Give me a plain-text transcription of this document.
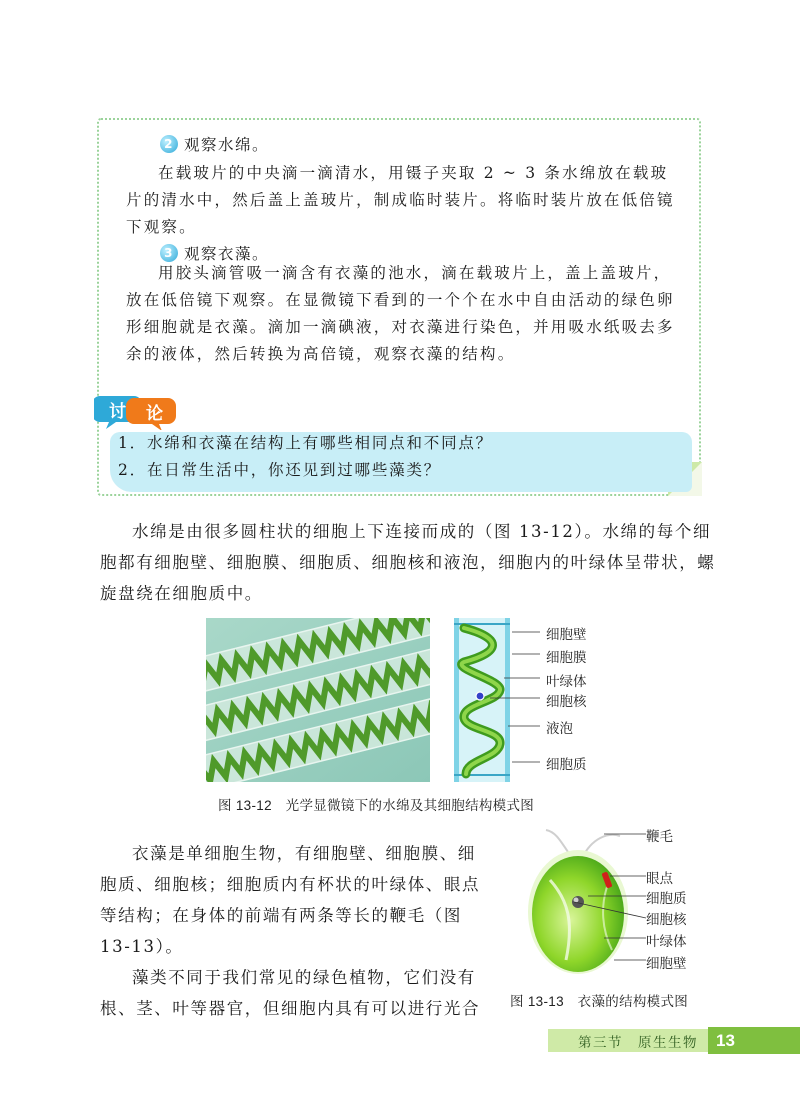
2 观察水绵。

在载玻片的中央滴一滴清水，用镊子夹取 2 ~ 3 条水绵放在载玻片的清水中，然后盖上盖玻片，制成临时装片。将临时装片放在低倍镜下观察。

3 观察衣藻。

用胶头滴管吸一滴含有衣藻的池水，滴在载玻片上，盖上盖玻片，放在低倍镜下观察。在显微镜下看到的一个个在水中自由活动的绿色卵形细胞就是衣藻。滴加一滴碘液，对衣藻进行染色，并用吸水纸吸去多余的液体，然后转换为高倍镜，观察衣藻的结构。

讨 论
1．水绵和衣藻在结构上有哪些相同点和不同点？
2．在日常生活中，你还见到过哪些藻类？

水绵是由很多圆柱状的细胞上下连接而成的（图 13-12）。水绵的每个细胞都有细胞壁、细胞膜、细胞质、细胞核和液泡，细胞内的叶绿体呈带状，螺旋盘绕在细胞质中。

细胞壁
细胞膜
叶绿体
细胞核
液泡
细胞质
图 13-12　光学显微镜下的水绵及其细胞结构模式图

衣藻是单细胞生物，有细胞壁、细胞膜、细胞质、细胞核；细胞质内有杯状的叶绿体、眼点等结构；在身体的前端有两条等长的鞭毛（图 13-13）。

藻类不同于我们常见的绿色植物，它们没有根、茎、叶等器官，但细胞内具有可以进行光合

鞭毛
眼点
细胞质
细胞核
叶绿体
细胞壁
图 13-13　衣藻的结构模式图
第三节　原生生物	13
